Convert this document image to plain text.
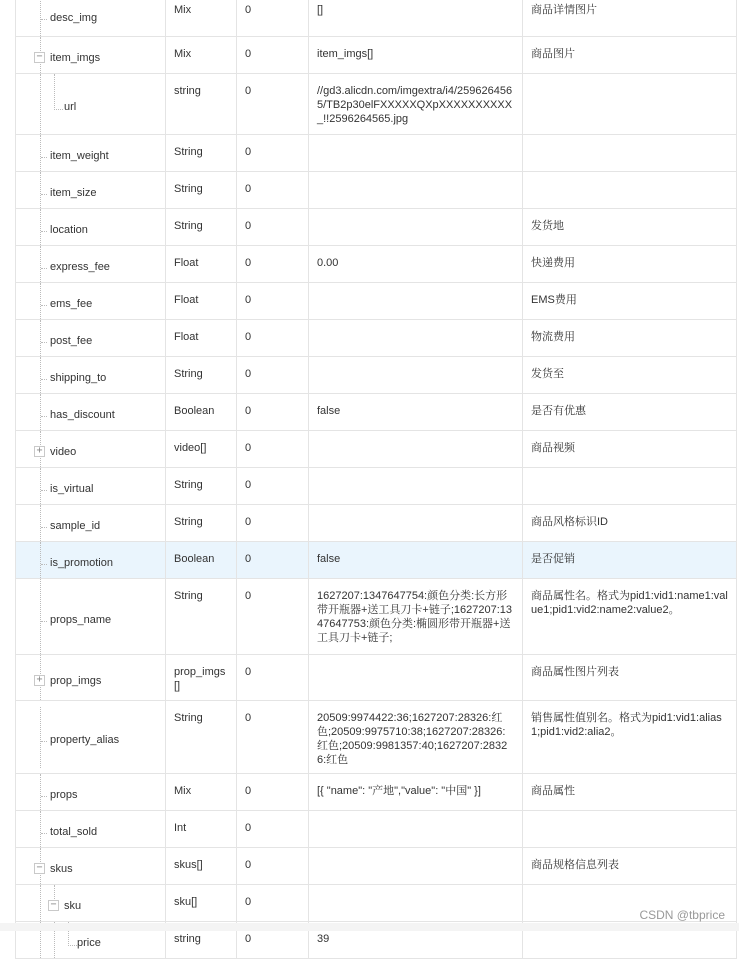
desc_img	Mix	0	[]	商品详情图片

− item_imgs	Mix	0	item_imgs[]	商品图片

url	string	0	//gd3.alicdn.com/imgextra/i4/2596264565/TB2p30elFXXXXXQXpXXXXXXXXXX_!!2596264565.jpg	

item_weight	String	0		

item_size	String	0		

location	String	0		发货地

express_fee	Float	0	0.00	快递费用

ems_fee	Float	0		EMS费用

post_fee	Float	0		物流费用

shipping_to	String	0		发货至

has_discount	Boolean	0	false	是否有优惠

+ video	video[]	0		商品视频

is_virtual	String	0		

sample_id	String	0		商品风格标识ID

is_promotion	Boolean	0	false	是否促销

props_name	String	0	1627207:1347647754:颜色分类:长方形带开瓶器+送工具刀卡+链子;1627207:1347647753:颜色分类:椭圆形带开瓶器+送工具刀卡+链子;	商品属性名。格式为pid1:vid1:name1:value1;pid1:vid2:name2:value2。

+ prop_imgs	prop_imgs[]	0		商品属性图片列表

property_alias	String	0	20509:9974422:36;1627207:28326:红色;20509:9975710:38;1627207:28326:红色;20509:9981357:40;1627207:28326:红色	销售属性值别名。格式为pid1:vid1:alias1;pid1:vid2:alia2。

props	Mix	0	[{ "name": "产地","value": "中国" }]	商品属性

total_sold	Int	0		

− skus	skus[]	0		商品规格信息列表

− sku	sku[]	0		

price	string	0	39	
CSDN @tbprice
